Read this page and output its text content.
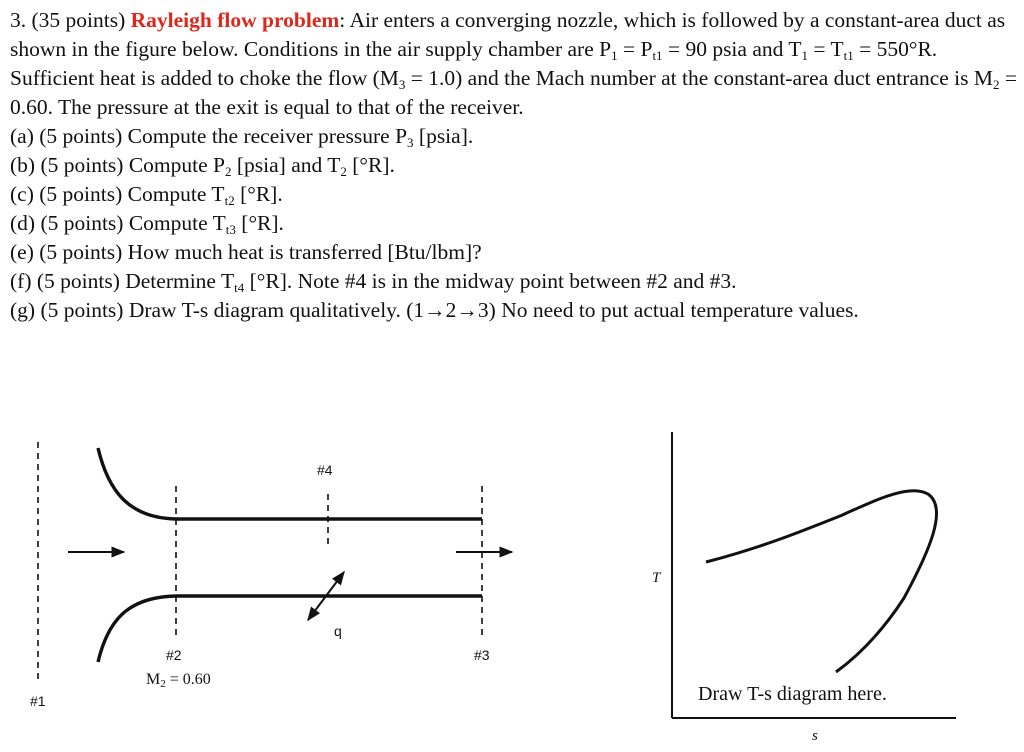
3. (35 points) Rayleigh flow problem: Air enters a converging nozzle, which is followed by a constant-area duct as shown in the figure below. Conditions in the air supply chamber are $P_1 = P_{t1} = 90$ psia and $T_1 = T_{t1} = 550^\circ R$. Sufficient heat is added to choke the flow $(M_3 = 1.0)$ and the Mach number at the constant-area duct entrance is $M_2 = 0.60$. The pressure at the exit is equal to that of the receiver.

(a) (5 points) Compute the receiver pressure $P_3$ [psia].

(b) (5 points) Compute $P_2$ [psia] and $T_2$ [°R].

(c) (5 points) Compute $T_{t2}$ [°R].

(d) (5 points) Compute $T_{t3}$ [°R].

(e) (5 points) How much heat is transferred [Btu/lbm]?

(f) (5 points) Determine $T_{t4}$ [°R]. Note #4 is in the midway point between #2 and #3.

(g) (5 points) Draw T-s diagram qualitatively. (1→2→3) No need to put actual temperature values.

#4
q
#2	#3
#1
M2 = 0.60
T
s
Draw T-s diagram here.
